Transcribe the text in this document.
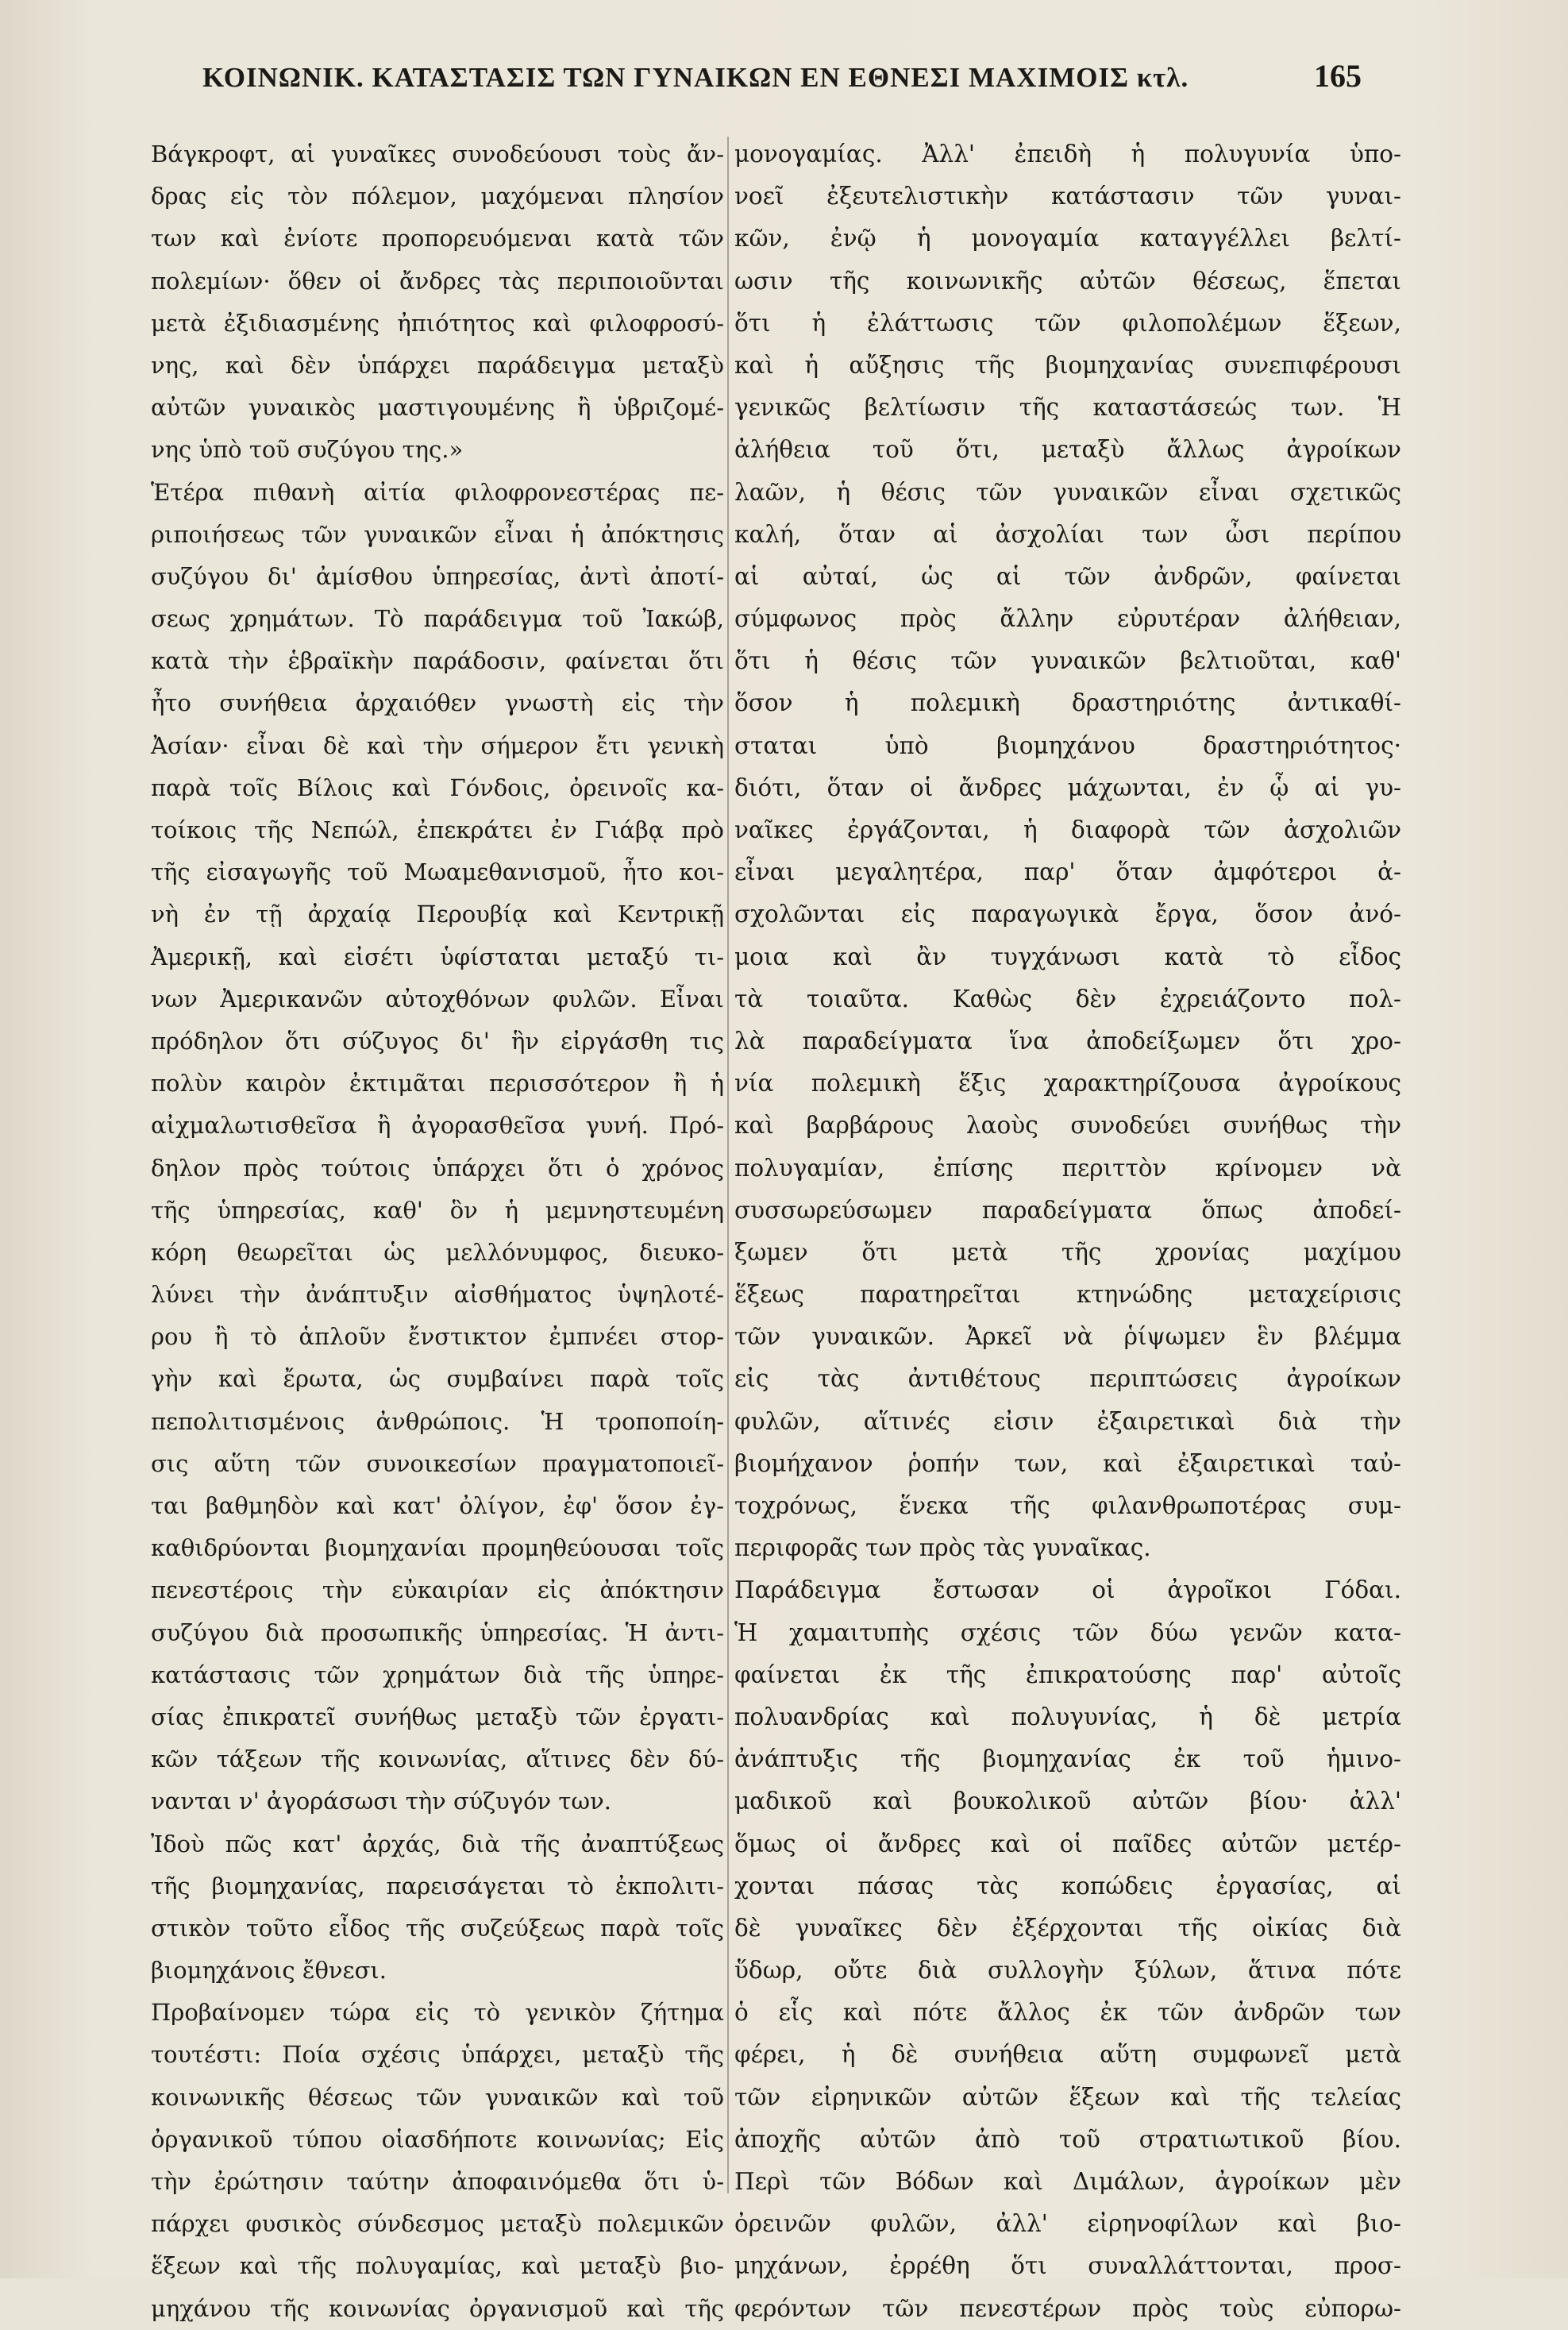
ΚΟΙΝΩΝΙΚ. ΚΑΤΑΣΤΑΣΙΣ ΤΩΝ ΓΥΝΑΙΚΩΝ ΕΝ ΕΘΝΕΣΙ ΜΑΧΙΜΟΙΣ κτλ.	165
Βάγκροφτ, αἱ γυναῖκες συνοδεύουσι τοὺς ἄν-
δρας εἰς τὸν πόλεμον, μαχόμεναι πλησίον
των καὶ ἐνίοτε προπορευόμεναι κατὰ τῶν
πολεμίων· ὅθεν οἱ ἄνδρες τὰς περιποιοῦνται
μετὰ ἐξιδιασμένης ἠπιότητος καὶ φιλοφροσύ-
νης, καὶ δὲν ὑπάρχει παράδειγμα μεταξὺ
αὐτῶν γυναικὸς μαστιγουμένης ἢ ὑβριζομέ-
νης ὑπὸ τοῦ συζύγου της.»
Ἑτέρα πιθανὴ αἰτία φιλοφρονεστέρας πε-
ριποιήσεως τῶν γυναικῶν εἶναι ἡ ἀπόκτησις
συζύγου δι' ἀμίσθου ὑπηρεσίας, ἀντὶ ἀποτί-
σεως χρημάτων. Τὸ παράδειγμα τοῦ Ἰακώβ,
κατὰ τὴν ἑβραϊκὴν παράδοσιν, φαίνεται ὅτι
ἦτο συνήθεια ἀρχαιόθεν γνωστὴ εἰς τὴν
Ἀσίαν· εἶναι δὲ καὶ τὴν σήμερον ἔτι γενικὴ
παρὰ τοῖς Βίλοις καὶ Γόνδοις, ὀρεινοῖς κα-
τοίκοις τῆς Νεπώλ, ἐπεκράτει ἐν Γιάβᾳ πρὸ
τῆς εἰσαγωγῆς τοῦ Μωαμεθανισμοῦ, ἦτο κοι-
νὴ ἐν τῇ ἀρχαίᾳ Περουβίᾳ καὶ Κεντρικῇ
Ἀμερικῇ, καὶ εἰσέτι ὑφίσταται μεταξύ τι-
νων Ἀμερικανῶν αὐτοχθόνων φυλῶν. Εἶναι
πρόδηλον ὅτι σύζυγος δι' ἣν εἰργάσθη τις
πολὺν καιρὸν ἐκτιμᾶται περισσότερον ἢ ἡ
αἰχμαλωτισθεῖσα ἢ ἀγορασθεῖσα γυνή. Πρό-
δηλον πρὸς τούτοις ὑπάρχει ὅτι ὁ χρόνος
τῆς ὑπηρεσίας, καθ' ὃν ἡ μεμνηστευμένη
κόρη θεωρεῖται ὡς μελλόνυμφος, διευκο-
λύνει τὴν ἀνάπτυξιν αἰσθήματος ὑψηλοτέ-
ρου ἢ τὸ ἁπλοῦν ἔνστικτον ἐμπνέει στορ-
γὴν καὶ ἔρωτα, ὡς συμβαίνει παρὰ τοῖς
πεπολιτισμένοις ἀνθρώποις. Ἡ τροποποίη-
σις αὕτη τῶν συνοικεσίων πραγματοποιεῖ-
ται βαθμηδὸν καὶ κατ' ὀλίγον, ἐφ' ὅσον ἐγ-
καθιδρύονται βιομηχανίαι προμηθεύουσαι τοῖς
πενεστέροις τὴν εὐκαιρίαν εἰς ἀπόκτησιν
συζύγου διὰ προσωπικῆς ὑπηρεσίας. Ἡ ἀντι-
κατάστασις τῶν χρημάτων διὰ τῆς ὑπηρε-
σίας ἐπικρατεῖ συνήθως μεταξὺ τῶν ἐργατι-
κῶν τάξεων τῆς κοινωνίας, αἵτινες δὲν δύ-
νανται ν' ἀγοράσωσι τὴν σύζυγόν των.
Ἰδοὺ πῶς κατ' ἀρχάς, διὰ τῆς ἀναπτύξεως
τῆς βιομηχανίας, παρεισάγεται τὸ ἐκπολιτι-
στικὸν τοῦτο εἶδος τῆς συζεύξεως παρὰ τοῖς
βιομηχάνοις ἔθνεσι.
Προβαίνομεν τώρα εἰς τὸ γενικὸν ζήτημα
τουτέστι: Ποία σχέσις ὑπάρχει, μεταξὺ τῆς
κοινωνικῆς θέσεως τῶν γυναικῶν καὶ τοῦ
ὀργανικοῦ τύπου οἱασδήποτε κοινωνίας; Εἰς
τὴν ἐρώτησιν ταύτην ἀποφαινόμεθα ὅτι ὑ-
πάρχει φυσικὸς σύνδεσμος μεταξὺ πολεμικῶν
ἕξεων καὶ τῆς πολυγαμίας, καὶ μεταξὺ βιο-
μηχάνου τῆς κοινωνίας ὀργανισμοῦ καὶ τῆς
μονογαμίας. Ἀλλ' ἐπειδὴ ἡ πολυγυνία ὑπο-
νοεῖ ἐξευτελιστικὴν κατάστασιν τῶν γυναι-
κῶν, ἐνῷ ἡ μονογαμία καταγγέλλει βελτί-
ωσιν τῆς κοινωνικῆς αὐτῶν θέσεως, ἕπεται
ὅτι ἡ ἐλάττωσις τῶν φιλοπολέμων ἕξεων,
καὶ ἡ αὔξησις τῆς βιομηχανίας συνεπιφέρουσι
γενικῶς βελτίωσιν τῆς καταστάσεώς των. Ἡ
ἀλήθεια τοῦ ὅτι, μεταξὺ ἄλλως ἀγροίκων
λαῶν, ἡ θέσις τῶν γυναικῶν εἶναι σχετικῶς
καλή, ὅταν αἱ ἀσχολίαι των ὦσι περίπου
αἱ αὐταί, ὡς αἱ τῶν ἀνδρῶν, φαίνεται
σύμφωνος πρὸς ἄλλην εὐρυτέραν ἀλήθειαν,
ὅτι ἡ θέσις τῶν γυναικῶν βελτιοῦται, καθ'
ὅσον ἡ πολεμικὴ δραστηριότης ἀντικαθί-
σταται ὑπὸ βιομηχάνου δραστηριότητος·
διότι, ὅταν οἱ ἄνδρες μάχωνται, ἐν ᾧ αἱ γυ-
ναῖκες ἐργάζονται, ἡ διαφορὰ τῶν ἀσχολιῶν
εἶναι μεγαλητέρα, παρ' ὅταν ἀμφότεροι ἀ-
σχολῶνται εἰς παραγωγικὰ ἔργα, ὅσον ἀνό-
μοια καὶ ἂν τυγχάνωσι κατὰ τὸ εἶδος
τὰ τοιαῦτα. Καθὼς δὲν ἐχρειάζοντο πολ-
λὰ παραδείγματα ἵνα ἀποδείξωμεν ὅτι χρο-
νία πολεμικὴ ἕξις χαρακτηρίζουσα ἀγροίκους
καὶ βαρβάρους λαοὺς συνοδεύει συνήθως τὴν
πολυγαμίαν, ἐπίσης περιττὸν κρίνομεν νὰ
συσσωρεύσωμεν παραδείγματα ὅπως ἀποδεί-
ξωμεν ὅτι μετὰ τῆς χρονίας μαχίμου
ἕξεως παρατηρεῖται κτηνώδης μεταχείρισις
τῶν γυναικῶν. Ἀρκεῖ νὰ ῥίψωμεν ἓν βλέμμα
εἰς τὰς ἀντιθέτους περιπτώσεις ἀγροίκων
φυλῶν, αἵτινές εἰσιν ἐξαιρετικαὶ διὰ τὴν
βιομήχανον ῥοπήν των, καὶ ἐξαιρετικαὶ ταὐ-
τοχρόνως, ἕνεκα τῆς φιλανθρωποτέρας συμ-
περιφορᾶς των πρὸς τὰς γυναῖκας.
Παράδειγμα ἔστωσαν οἱ ἀγροῖκοι Γόδαι.
Ἡ χαμαιτυπὴς σχέσις τῶν δύω γενῶν κατα-
φαίνεται ἐκ τῆς ἐπικρατούσης παρ' αὐτοῖς
πολυανδρίας καὶ πολυγυνίας, ἡ δὲ μετρία
ἀνάπτυξις τῆς βιομηχανίας ἐκ τοῦ ἡμινο-
μαδικοῦ καὶ βουκολικοῦ αὐτῶν βίου· ἀλλ'
ὅμως οἱ ἄνδρες καὶ οἱ παῖδες αὐτῶν μετέρ-
χονται πάσας τὰς κοπώδεις ἐργασίας, αἱ
δὲ γυναῖκες δὲν ἐξέρχονται τῆς οἰκίας διὰ
ὕδωρ, οὔτε διὰ συλλογὴν ξύλων, ἅτινα πότε
ὁ εἷς καὶ πότε ἄλλος ἐκ τῶν ἀνδρῶν των
φέρει, ἡ δὲ συνήθεια αὕτη συμφωνεῖ μετὰ
τῶν εἰρηνικῶν αὐτῶν ἕξεων καὶ τῆς τελείας
ἀποχῆς αὐτῶν ἀπὸ τοῦ στρατιωτικοῦ βίου.
Περὶ τῶν Βόδων καὶ Διμάλων, ἀγροίκων μὲν
ὀρεινῶν φυλῶν, ἀλλ' εἰρηνοφίλων καὶ βιο-
μηχάνων, ἐρρέθη ὅτι συναλλάττονται, προσ-
φερόντων τῶν πενεστέρων πρὸς τοὺς εὐπορω-
